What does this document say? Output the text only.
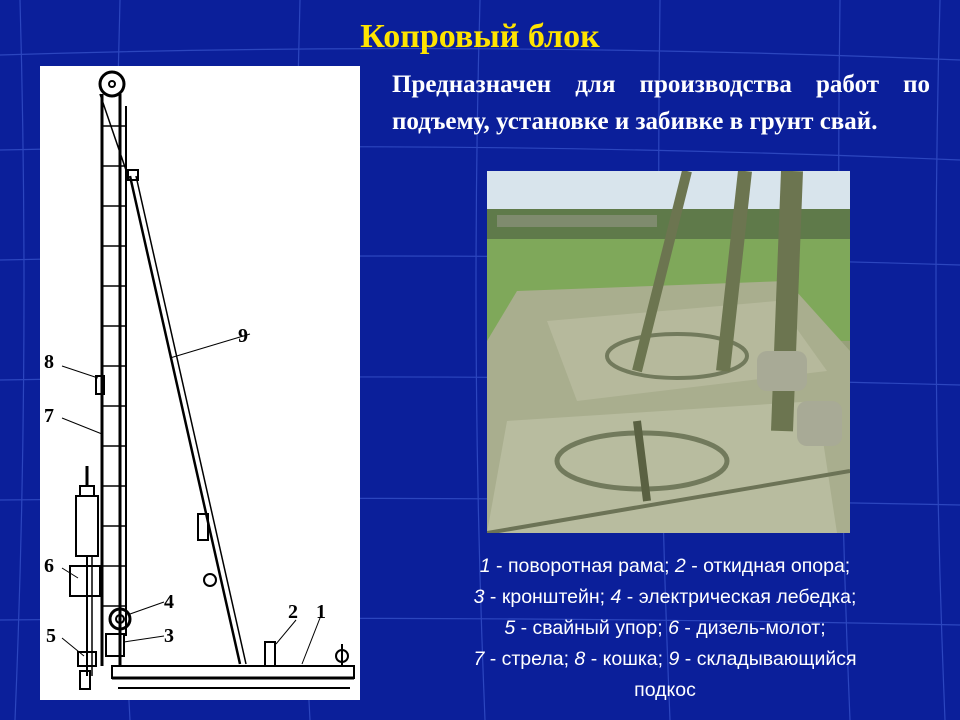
Копровый блок
9
8
7
6
5
4
3
2 1
Предназначен для производства работ по подъему, установке и забивке в грунт свай.
1 - поворотная рама; 2 - откидная опора;
3 - кронштейн; 4 - электрическая лебедка;
5 - свайный упор; 6 - дизель-молот;
7 - стрела; 8 - кошка; 9 - складывающийся
подкос
